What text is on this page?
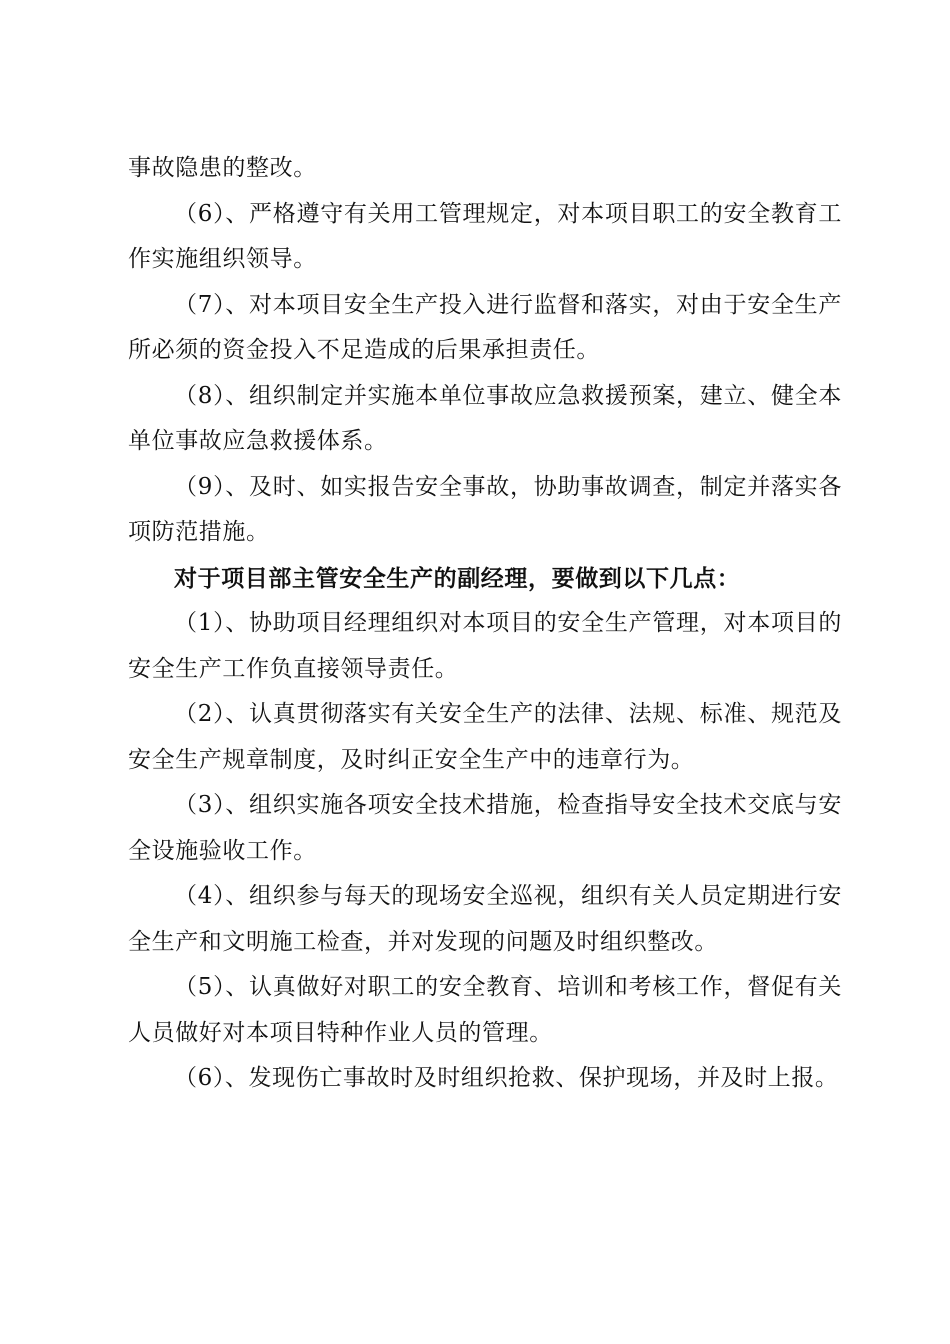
事故隐患的整改。

（6）、严格遵守有关用工管理规定，对本项目职工的安全教育工作实施组织领导。

（7）、对本项目安全生产投入进行监督和落实，对由于安全生产所必须的资金投入不足造成的后果承担责任。

（8）、组织制定并实施本单位事故应急救援预案，建立、健全本单位事故应急救援体系。

（9）、及时、如实报告安全事故，协助事故调查，制定并落实各项防范措施。

对于项目部主管安全生产的副经理，要做到以下几点：

（1）、协助项目经理组织对本项目的安全生产管理，对本项目的安全生产工作负直接领导责任。

（2）、认真贯彻落实有关安全生产的法律、法规、标准、规范及安全生产规章制度，及时纠正安全生产中的违章行为。

（3）、组织实施各项安全技术措施，检查指导安全技术交底与安全设施验收工作。

（4）、组织参与每天的现场安全巡视，组织有关人员定期进行安全生产和文明施工检查，并对发现的问题及时组织整改。

（5）、认真做好对职工的安全教育、培训和考核工作，督促有关人员做好对本项目特种作业人员的管理。

（6）、发现伤亡事故时及时组织抢救、保护现场，并及时上报。
